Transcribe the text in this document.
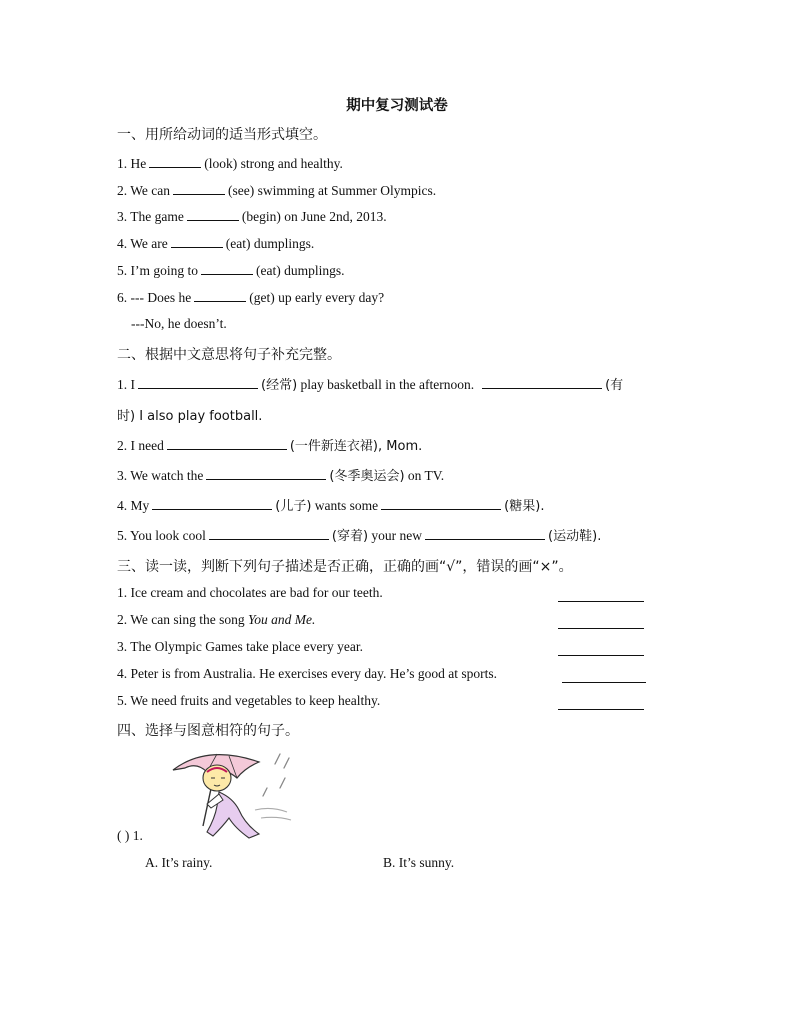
期中复习测试卷
一、用所给动词的适当形式填空。
1. He	(look) strong and healthy.
2. We can	(see) swimming at Summer Olympics.
3. The game	(begin) on June 2nd, 2013.
4. We are	(eat) dumplings.
5. I’m going to	(eat) dumplings.
6. --- Does he	(get) up early every day?
---No, he doesn’t.
二、根据中文意思将句子补充完整。
1. I	(经常) play basketball in the afternoon.	(有
时) I also play football.
2. I need	(一件新连衣裙), Mom.
3. We watch the	(冬季奥运会) on TV.
4. My	(儿子) wants some	(糖果).
5. You look cool	(穿着) your new	(运动鞋).
三、读一读，判断下列句子描述是否正确，正确的画“√”，错误的画“×”。
1. Ice cream and chocolates are bad for our teeth.
2. We can sing the song You and Me.
3. The Olympic Games take place every year.
4. Peter is from Australia. He exercises every day. He’s good at sports.
5. We need fruits and vegetables to keep healthy.
四、选择与图意相符的句子。
( ) 1.
A. It’s rainy.	B. It’s sunny.
